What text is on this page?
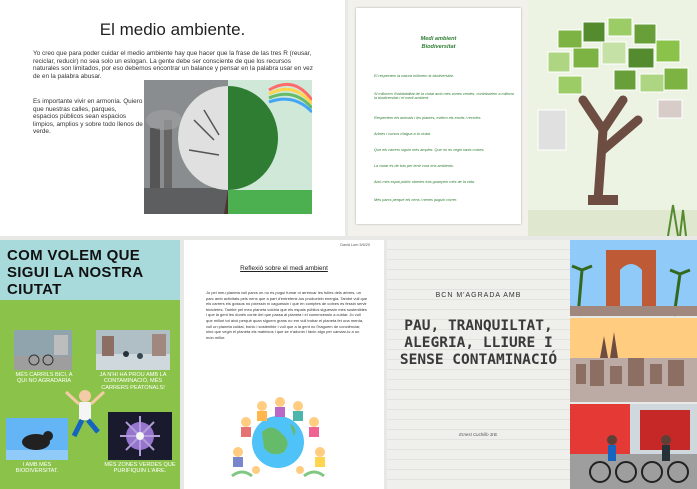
El medio ambiente.
Yo creo que para poder cuidar el medio ambiente hay que hacer que la frase de las tres R (reusar, reciclar, reducir) no sea solo un eslogan. La gente debe ser consciente de que los recursos naturales son limitados, por eso debemos encontrar un balance y pensar en la palabra usar en vez de en la palabra abusar.
Es importante vivir en armonía. Quiero que nuestras calles, parques, espacios públicos sean espacios limpios, amplios y sobre todo llenos de verde.
Medi ambient
Biodiversitat
El respectem la natura millorem la biodiversitat.
Si millorem l'habitabilitat de la ciutat amb més zones verdes, contribuirem a millorar la biodiversitat i el medi ambient.
Respectem els animals i les plantes, evitem els envits i recicles.
Arbres i cursos d'aigua a la ciutat.
Que els carrers siguin més amples. Que no es vegin tants cotxes.
La ciutat és de tots per tenir cura ens ambients.
Aixó més espai públic obertes tots guanyem més de la vida.
Més parcs perquè els nens i nenes puguin córrer.
COM VOLEM QUE SIGUI LA NOSTRA CIUTAT
MÉS CARRILS BICI, A QUI NO AGRADARIA
JA N'HI HA PROU AMB LA CONTAMINACIÓ, MÉS CARRERS PEATONALS!
I AMB MÉS BIODIVERSITAT.
MÉS ZONES VERDES QUE PURIFIQUIN L'AIRE.
David Lum 5/6/20
Reflexió sobre el medi ambient
Jo pel meu planeta vull parcs on no es pugui fumar ni arrencar les fulles dels arbres, un parc amb activitats pels nens que a part d'entretenir-los produeixin energia. També vull que els carrers els gossos no pixessin ni caguessin i que en comptes de cotxes es fessin servir bicicletes. També pel meu planeta voldria que els espais públics siguessin més sostenibles i que la gent les donés conte del que passa al planeta i el comencessin a cuidar. Jo vull que millori tot això perquè quan siguem grans no em vull trobar el planeta fet una merda, vull un planeta cuidat, bonic i sostenible i vull que a la gent no l'haguem de conciènciar, sinó que vegin el planeta els mateixos i que se n'adonin i facin algo per canviar-lo a un món millor.
BCN M'AGRADA AMB
PAU, TRANQUILTAT, ALEGRIA, LLIURE I SENSE CONTAMINACIÓ
Ernest Cuchillo 3rB.
